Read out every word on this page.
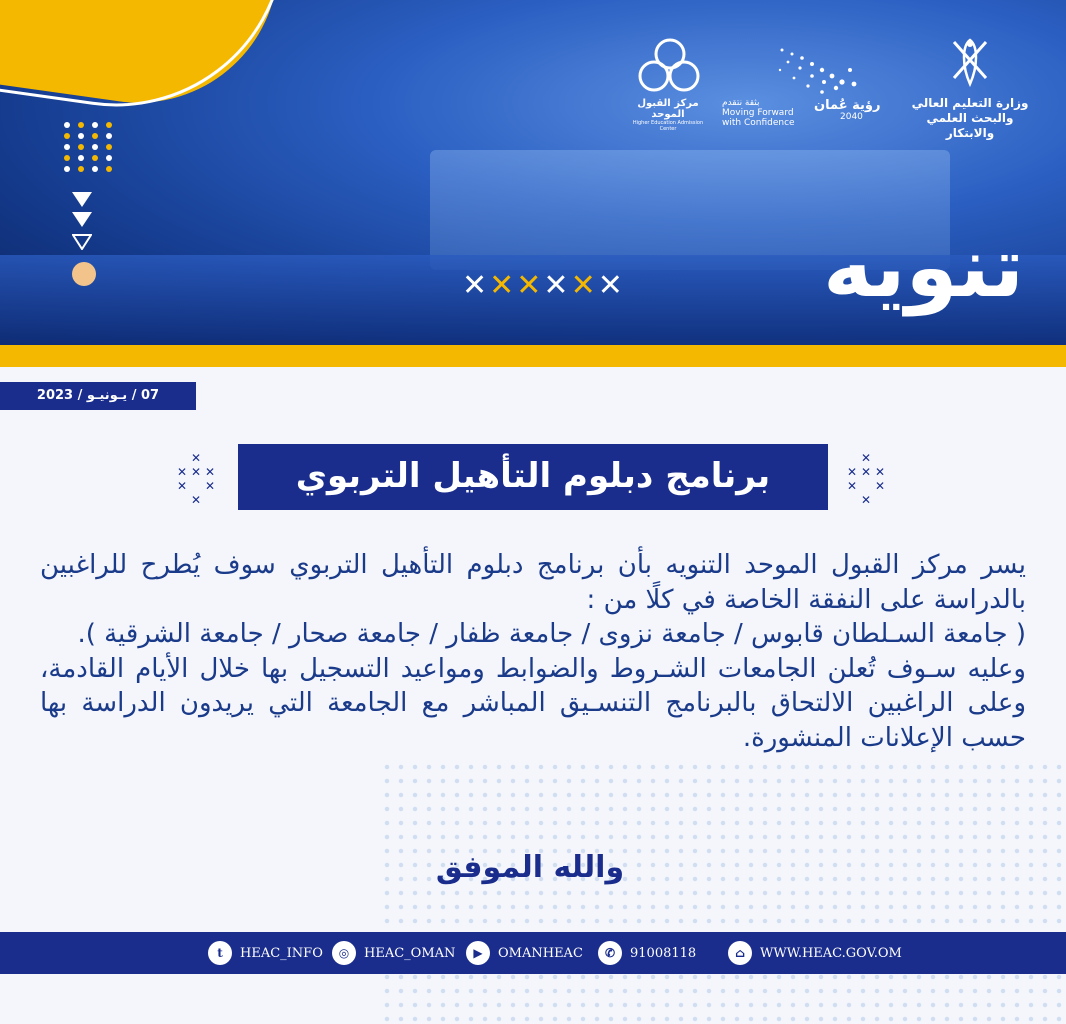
✕✕✕✕✕✕ تنويه
وزارة التعليم العالي
والبحث العلمي والابتكار
بثقة نتقدم
Moving Forward
with Confidence
رؤية عُمان
2040
مركز القبول الموحد
Higher Education Admission Center
07 / يـونيـو / 2023
✕
✕ ✕
✕
✕ ✕
✕
برنامج دبلوم التأهيل التربوي	✕
✕ ✕
✕
✕ ✕
✕

يسر مركز القبول الموحد التنويه بأن برنامج دبلوم التأهيل التربوي سوف يُطرح للراغبين بالدراسة على النفقة الخاصة في كلًا من :

( جامعة السـلطان قابوس / جامعة نزوى / جامعة ظفار / جامعة صحار / جامعة الشرقية ).

وعليه سـوف تُعلن الجامعات الشـروط والضوابط ومواعيد التسجيل بها خلال الأيام القادمة، وعلى الراغبين الالتحاق بالبرنامج التنسـيق المباشر مع الجامعة التي يريدون الدراسة بها حسب الإعلانات المنشورة.

والله الموفق
t	HEAC_INFO	◎	HEAC_OMAN	▶	OMANHEAC	✆	91008118	⌂	WWW.HEAC.GOV.OM
